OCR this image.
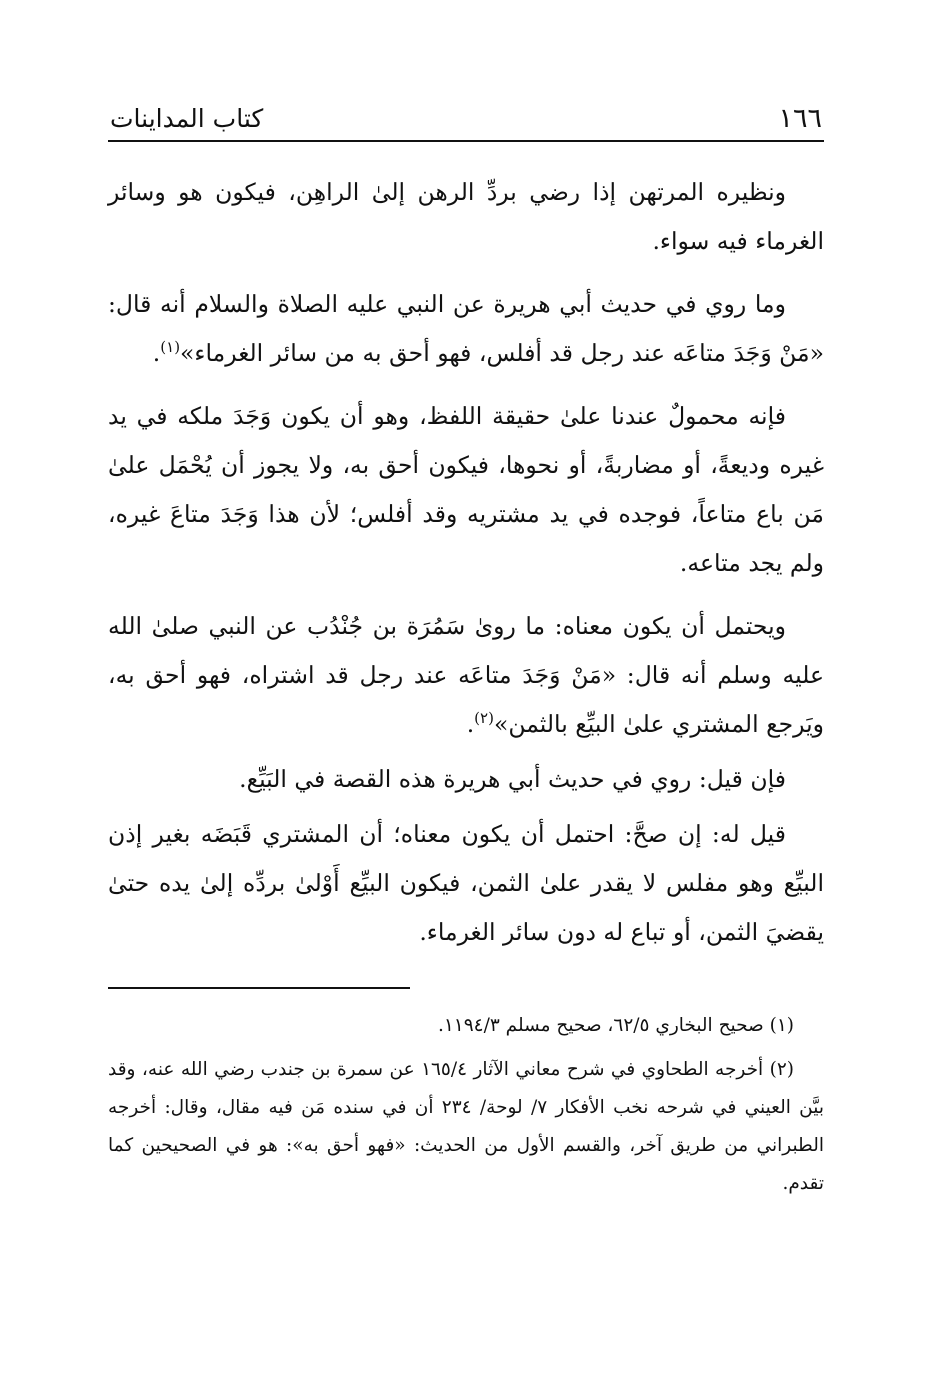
١٦٦
كتاب المداينات

ونظيره المرتهن إذا رضي بردِّ الرهن إلىٰ الراهِن، فيكون هو وسائر الغرماء فيه سواء.

وما روي في حديث أبي هريرة عن النبي عليه الصلاة والسلام أنه قال: «مَنْ وَجَدَ متاعَه عند رجل قد أفلس، فهو أحق به من سائر الغرماء»$^{(١)}$.

فإنه محمولٌ عندنا علىٰ حقيقة اللفظ، وهو أن يكون وَجَدَ ملكه في يد غيره وديعةً، أو مضاربةً، أو نحوها، فيكون أحق به، ولا يجوز أن يُحْمَل علىٰ مَن باع متاعاً، فوجده في يد مشتريه وقد أفلس؛ لأن هذا وَجَدَ متاعَ غيره، ولم يجد متاعه.

ويحتمل أن يكون معناه: ما روىٰ سَمُرَة بن جُنْدُب عن النبي صلىٰ الله عليه وسلم أنه قال: «مَنْ وَجَدَ متاعَه عند رجل قد اشتراه، فهو أحق به، ويَرجع المشتري علىٰ البيِّع بالثمن»$^{(٢)}$.

فإن قيل: روي في حديث أبي هريرة هذه القصة في البَيِّع.

قيل له: إن صحَّ: احتمل أن يكون معناه؛ أن المشتري قَبَضَه بغير إذن البيِّع وهو مفلس لا يقدر علىٰ الثمن، فيكون البيِّع أَوْلىٰ بردِّه إلىٰ يده حتىٰ يقضيَ الثمن، أو تباع له دون سائر الغرماء.

(١) صحيح البخاري ٦٢/٥، صحيح مسلم ١١٩٤/٣.

(٢) أخرجه الطحاوي في شرح معاني الآثار ١٦٥/٤ عن سمرة بن جندب رضي الله عنه، وقد بيَّن العيني في شرحه نخب الأفكار ٧/ لوحة/ ٢٣٤ أن في سنده مَن فيه مقال، وقال: أخرجه الطبراني من طريق آخر، والقسم الأول من الحديث: «فهو أحق به»: هو في الصحيحين كما تقدم.
